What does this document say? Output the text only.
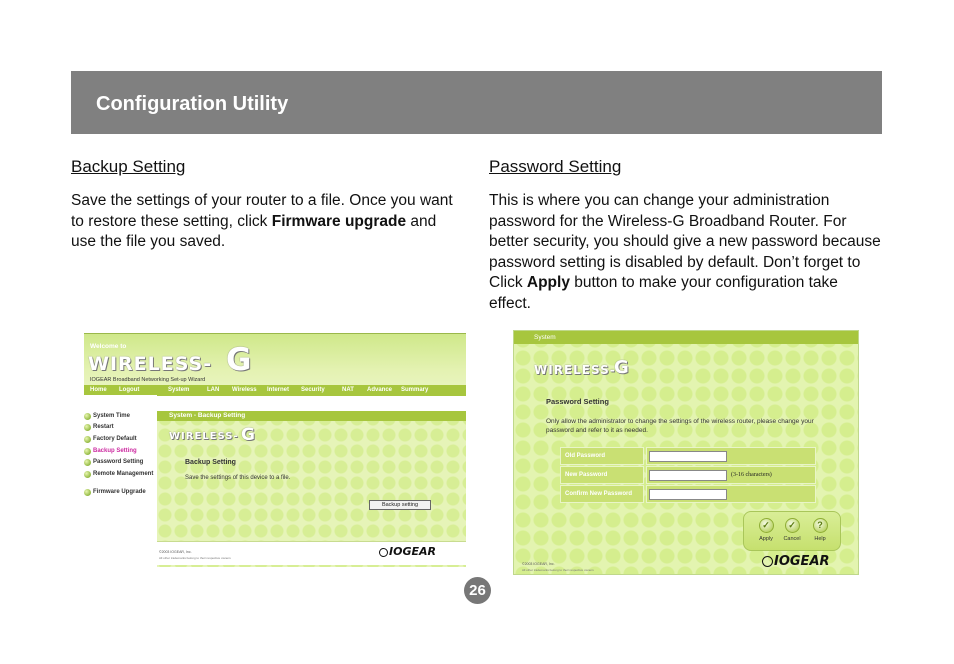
Configuration Utility
Backup Setting
Save the settings of your router to a file. Once you want to restore these setting, click Firmware upgrade and use the file you saved.
Password Setting
This is where you can change your administration password for the Wireless-G Broadband Router. For better security, you should give a new password because password setting is disabled by default. Don’t forget to Click Apply button to make your configuration take effect.
Welcome to
WIRELESS- G
IOGEAR Broadband Networking Set-up Wizard
Home Logout	System	LAN Wireless Internet Security	NAT Advance Summary
System Time
Restart
Factory Default
Backup Setting
Password Setting
Remote Management
Firmware Upgrade
System - Backup Setting
WIRELESS- G
Backup Setting
Save the settings of this device to a file.
Backup setting
©2003 IOGEAR, Inc.
All other trademarks belong to their respective owners	IOGEAR
System
WIRELESS-
G
Password Setting
Only allow the administrator to change the settings of the wireless router, please change your password and refer to it as needed.
Old Password
New Password	(3-16 characters)
Confirm New Password
✓
Apply
✓
Cancel
?
Help
©2003 IOGEAR, Inc.
All other trademarks belong to their respective owners
IOGEAR
26
